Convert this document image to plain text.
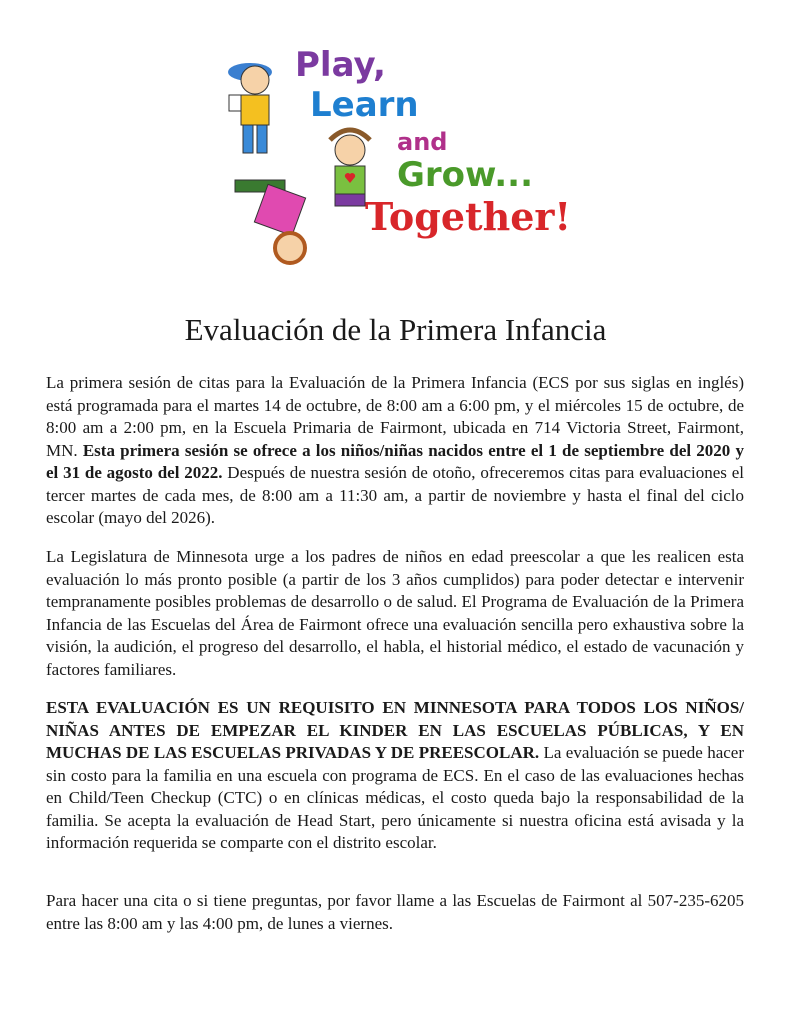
Play,
Learn
and
Grow...
Together!
Evaluación de la Primera Infancia

La primera sesión de citas para la Evaluación de la Primera Infancia (ECS por sus siglas en inglés) está programada para el martes 14 de octubre, de 8:00 am a 6:00 pm, y el miércoles 15 de octubre, de 8:00 am a 2:00 pm, en la Escuela Primaria de Fairmont, ubicada en 714 Victoria Street, Fairmont, MN. Esta primera sesión se ofrece a los niños/niñas nacidos entre el 1 de septiembre del 2020 y el 31 de agosto del 2022. Después de nuestra sesión de otoño, ofreceremos citas para evaluaciones el tercer martes de cada mes, de 8:00 am a 11:30 am, a partir de noviembre y hasta el final del ciclo escolar (mayo del 2026).

La Legislatura de Minnesota urge a los padres de niños en edad preescolar a que les realicen esta evaluación lo más pronto posible (a partir de los 3 años cumplidos) para poder detectar e intervenir tempranamente posibles problemas de desarrollo o de salud. El Programa de Evaluación de la Primera Infancia de las Escuelas del Área de Fairmont ofrece una evaluación sencilla pero exhaustiva sobre la visión, la audición, el progreso del desarrollo, el habla, el historial médico, el estado de vacunación y factores familiares.

ESTA EVALUACIÓN ES UN REQUISITO EN MINNESOTA PARA TODOS LOS NIÑOS/ NIÑAS ANTES DE EMPEZAR EL KINDER EN LAS ESCUELAS PÚBLICAS, Y EN MUCHAS DE LAS ESCUELAS PRIVADAS Y DE PREESCOLAR. La evaluación se puede hacer sin costo para la familia en una escuela con programa de ECS. En el caso de las evaluaciones hechas en Child/Teen Checkup (CTC) o en clínicas médicas, el costo queda bajo la responsabilidad de la familia. Se acepta la evaluación de Head Start, pero únicamente si nuestra oficina está avisada y la información requerida se comparte con el distrito escolar.

Para hacer una cita o si tiene preguntas, por favor llame a las Escuelas de Fairmont al 507-235-6205 entre las 8:00 am y las 4:00 pm, de lunes a viernes.
